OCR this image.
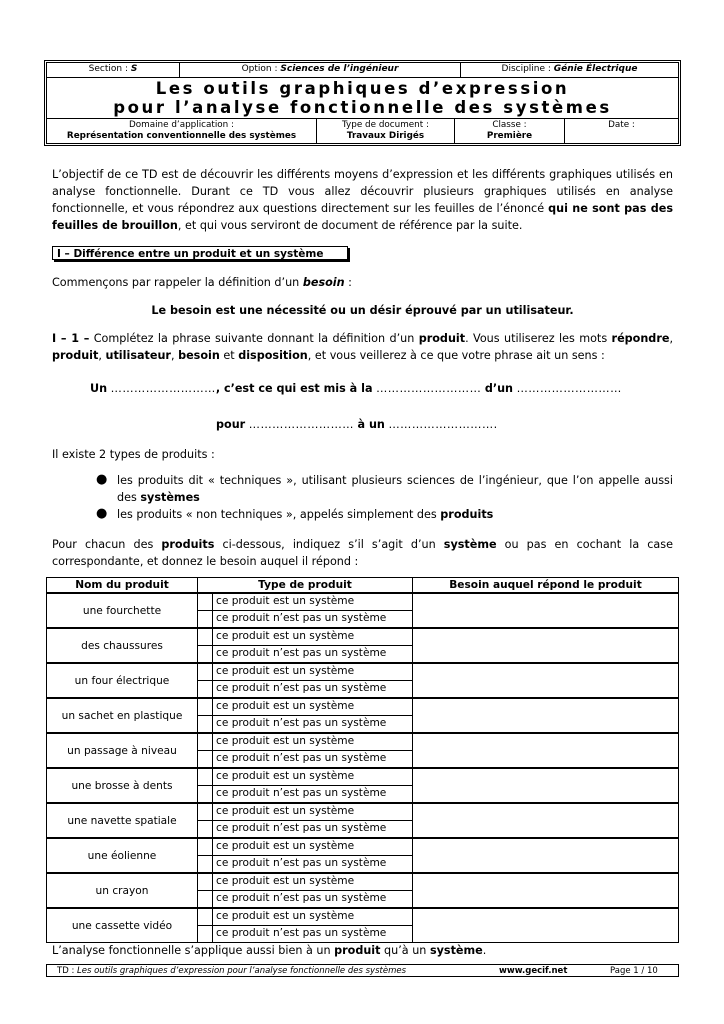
Section : S	Option : Sciences de l’ingénieur	Discipline : Génie Électrique
Les outils graphiques d’expression
pour l’analyse fonctionnelle des systèmes
Domaine d’application :
Représentation conventionnelle des systèmes
Type de document :
Travaux Dirigés
Classe :
Première
Date :

L’objectif de ce TD est de découvrir les différents moyens d’expression et les différents graphiques utilisés en analyse fonctionnelle. Durant ce TD vous allez découvrir plusieurs graphiques utilisés en analyse fonctionnelle, et vous répondrez aux questions directement sur les feuilles de l’énoncé qui ne sont pas des feuilles de brouillon, et qui vous serviront de document de référence par la suite.
I – Différence entre un produit et un système
Commençons par rappeler la définition d’un besoin :
Le besoin est une nécessité ou un désir éprouvé par un utilisateur.
I – 1 – Complétez la phrase suivante donnant la définition d’un produit. Vous utiliserez les mots répondre, produit, utilisateur, besoin et disposition, et vous veillerez à ce que votre phrase ait un sens :
Un ………………………, c’est ce qui est mis à la ……………………… d’un ………………………
pour ……………………… à un ……………………….
Il existe 2 types de produits :
● les produits dit « techniques », utilisant plusieurs sciences de l’ingénieur, que l’on appelle aussi des systèmes
● les produits « non techniques », appelés simplement des produits
Pour chacun des produits ci-dessous, indiquez s’il s’agit d’un système ou pas en cochant la case correspondante, et donnez le besoin auquel il répond :
Nom du produit	Type de produit		Besoin auquel répond le produit
une fourchette		ce produit est un système
ce produit n’est pas un système	

des chaussures		ce produit est un système
ce produit n’est pas un système	

un four électrique		ce produit est un système
ce produit n’est pas un système	

un sachet en plastique		ce produit est un système
ce produit n’est pas un système	

un passage à niveau		ce produit est un système
ce produit n’est pas un système	

une brosse à dents		ce produit est un système
ce produit n’est pas un système	

une navette spatiale		ce produit est un système
ce produit n’est pas un système	

une éolienne		ce produit est un système
ce produit n’est pas un système	

un crayon		ce produit est un système
ce produit n’est pas un système	

une cassette vidéo		ce produit est un système
ce produit n’est pas un système	

L’analyse fonctionnelle s’applique aussi bien à un produit qu’à un système.
TD : Les outils graphiques d’expression pour l’analyse fonctionnelle des systèmes	www.gecif.net	Page 1 / 10
